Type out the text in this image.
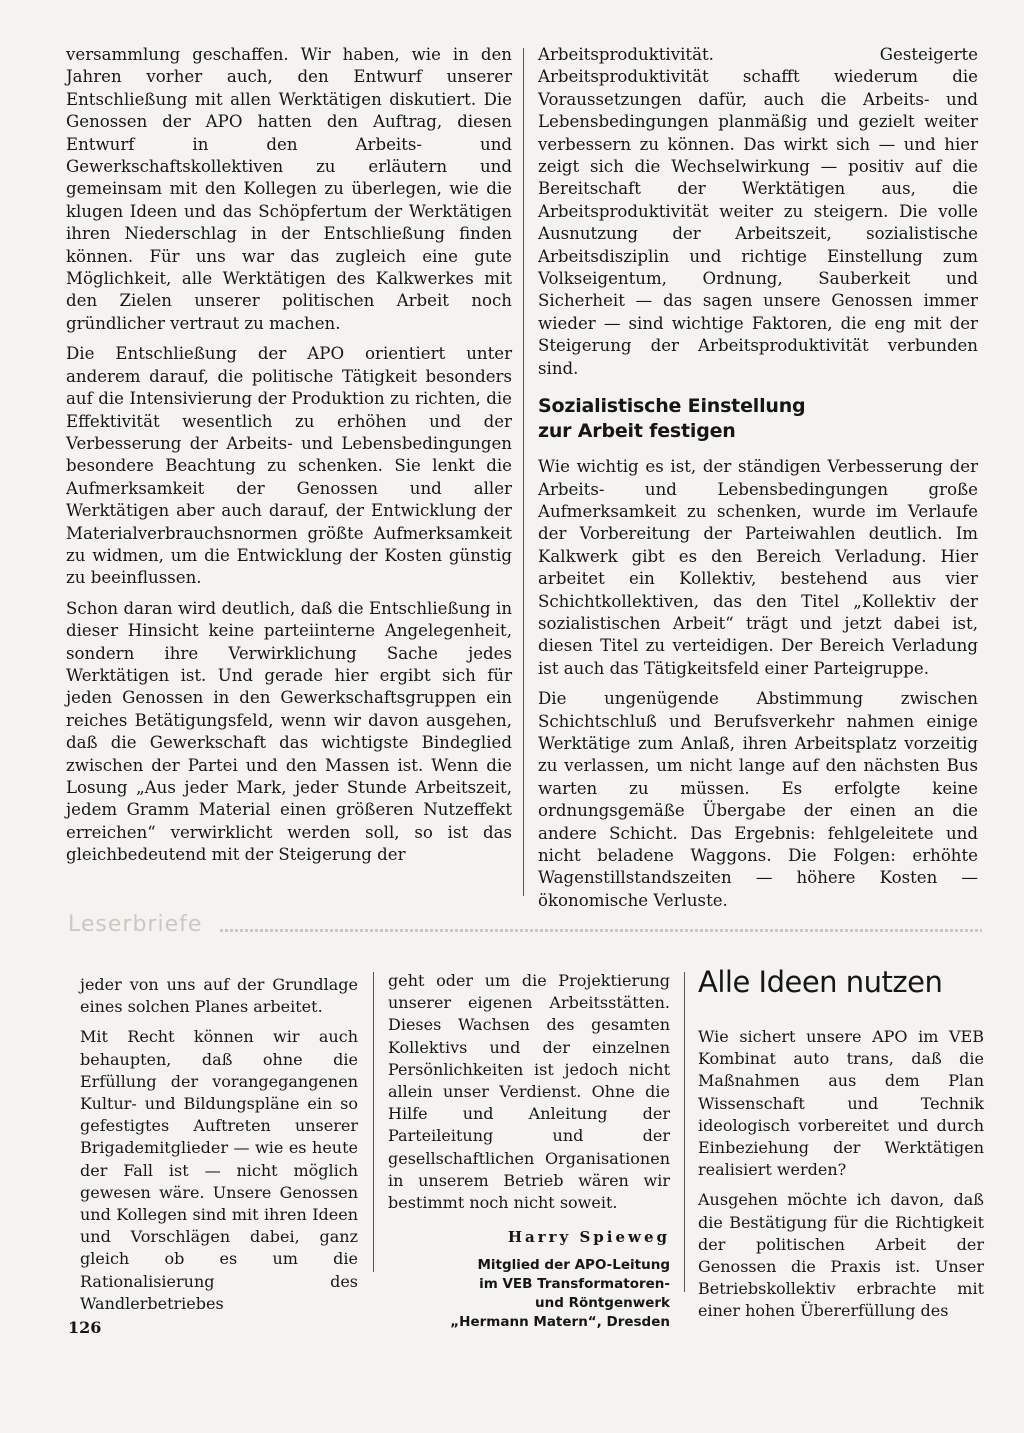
versammlung geschaffen. Wir haben, wie in den Jahren vorher auch, den Entwurf unserer Entschließung mit allen Werktätigen diskutiert. Die Genossen der APO hatten den Auftrag, diesen Entwurf in den Arbeits- und Gewerkschaftskollektiven zu erläutern und gemeinsam mit den Kollegen zu überlegen, wie die klugen Ideen und das Schöpfertum der Werktätigen ihren Niederschlag in der Entschließung finden können. Für uns war das zugleich eine gute Möglichkeit, alle Werktätigen des Kalkwerkes mit den Zielen unserer politischen Arbeit noch gründlicher vertraut zu machen.

Die Entschließung der APO orientiert unter anderem darauf, die politische Tätigkeit besonders auf die Intensivierung der Produktion zu richten, die Effektivität wesentlich zu erhöhen und der Verbesserung der Arbeits- und Lebensbedingungen besondere Beachtung zu schenken. Sie lenkt die Aufmerksamkeit der Genossen und aller Werktätigen aber auch darauf, der Entwicklung der Materialverbrauchsnormen größte Aufmerksamkeit zu widmen, um die Entwicklung der Kosten günstig zu beeinflussen.

Schon daran wird deutlich, daß die Entschließung in dieser Hinsicht keine parteiinterne Angelegenheit, sondern ihre Verwirklichung Sache jedes Werktätigen ist. Und gerade hier ergibt sich für jeden Genossen in den Gewerkschaftsgruppen ein reiches Betätigungsfeld, wenn wir davon ausgehen, daß die Gewerkschaft das wichtigste Bindeglied zwischen der Partei und den Massen ist. Wenn die Losung „Aus jeder Mark, jeder Stunde Arbeitszeit, jedem Gramm Material einen größeren Nutzeffekt erreichen“ verwirklicht werden soll, so ist das gleichbedeutend mit der Steigerung der

Arbeitsproduktivität. Gesteigerte Arbeitsproduktivität schafft wiederum die Voraussetzungen dafür, auch die Arbeits- und Lebensbedingungen planmäßig und gezielt weiter verbessern zu können. Das wirkt sich — und hier zeigt sich die Wechselwirkung — positiv auf die Bereitschaft der Werktätigen aus, die Arbeitsproduktivität weiter zu steigern. Die volle Ausnutzung der Arbeitszeit, sozialistische Arbeitsdisziplin und richtige Einstellung zum Volkseigentum, Ordnung, Sauberkeit und Sicherheit — das sagen unsere Genossen immer wieder — sind wichtige Faktoren, die eng mit der Steigerung der Arbeitsproduktivität verbunden sind.

Sozialistische Einstellung
zur Arbeit festigen

Wie wichtig es ist, der ständigen Verbesserung der Arbeits- und Lebensbedingungen große Aufmerksamkeit zu schenken, wurde im Verlaufe der Vorbereitung der Parteiwahlen deutlich. Im Kalkwerk gibt es den Bereich Verladung. Hier arbeitet ein Kollektiv, bestehend aus vier Schichtkollektiven, das den Titel „Kollektiv der sozialistischen Arbeit“ trägt und jetzt dabei ist, diesen Titel zu verteidigen. Der Bereich Verladung ist auch das Tätigkeitsfeld einer Parteigruppe.

Die ungenügende Abstimmung zwischen Schichtschluß und Berufsverkehr nahmen einige Werktätige zum Anlaß, ihren Arbeitsplatz vorzeitig zu verlassen, um nicht lange auf den nächsten Bus warten zu müssen. Es erfolgte keine ordnungsgemäße Übergabe der einen an die andere Schicht. Das Ergebnis: fehlgeleitete und nicht beladene Waggons. Die Folgen: erhöhte Wagenstillstandszeiten — höhere Kosten — ökonomische Verluste.

Leserbriefe

jeder von uns auf der Grundlage eines solchen Planes arbeitet.

Mit Recht können wir auch behaupten, daß ohne die Erfüllung der vorangegangenen Kultur- und Bildungspläne ein so gefestigtes Auftreten unserer Brigademitglieder — wie es heute der Fall ist — nicht möglich gewesen wäre. Unsere Genossen und Kollegen sind mit ihren Ideen und Vorschlägen dabei, ganz gleich ob es um die Rationalisierung des Wandlerbetriebes

geht oder um die Projektierung unserer eigenen Arbeitsstätten. Dieses Wachsen des gesamten Kollektivs und der einzelnen Persönlichkeiten ist jedoch nicht allein unser Verdienst. Ohne die Hilfe und Anleitung der Parteileitung und der gesellschaftlichen Organisationen in unserem Betrieb wären wir bestimmt noch nicht soweit.

Harry Spieweg

Mitglied der APO-Leitung
im VEB Transformatoren-
und Röntgenwerk
„Hermann Matern“, Dresden
Alle Ideen nutzen

Wie sichert unsere APO im VEB Kombinat auto trans, daß die Maßnahmen aus dem Plan Wissenschaft und Technik ideologisch vorbereitet und durch Einbeziehung der Werktätigen realisiert werden?

Ausgehen möchte ich davon, daß die Bestätigung für die Richtigkeit der politischen Arbeit der Genossen die Praxis ist. Unser Betriebskollektiv erbrachte mit einer hohen Übererfüllung des

126
